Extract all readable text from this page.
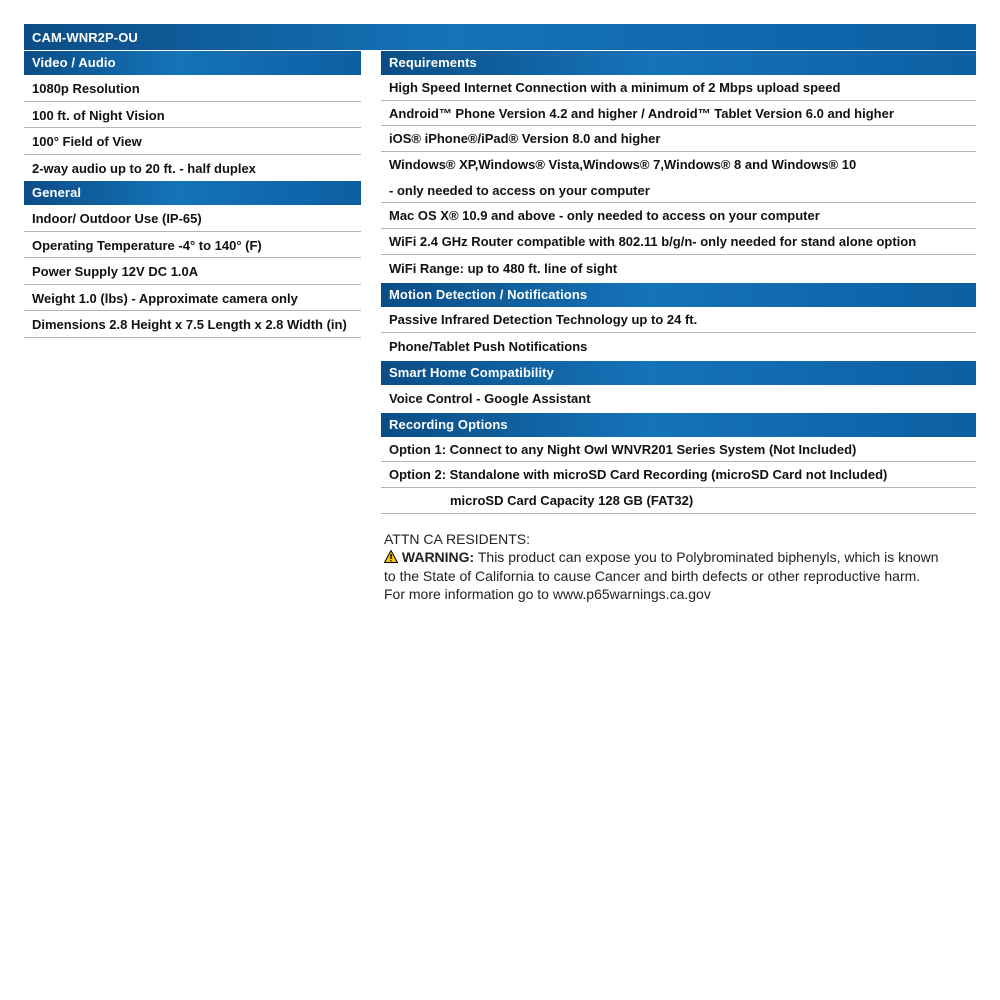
CAM-WNR2P-OU
Video / Audio
1080p Resolution
100 ft. of Night Vision
100° Field of View
2-way audio up to 20 ft. - half duplex
General
Indoor/ Outdoor Use (IP-65)
Operating Temperature -4° to 140° (F)
Power Supply 12V DC 1.0A
Weight 1.0 (lbs) - Approximate camera only
Dimensions 2.8 Height x 7.5 Length x 2.8 Width (in)
Requirements
High Speed Internet Connection with a minimum of 2 Mbps upload speed
Android™ Phone Version 4.2 and higher / Android™ Tablet Version 6.0 and higher
iOS® iPhone®/iPad® Version 8.0 and higher
Windows® XP,Windows® Vista,Windows® 7,Windows® 8 and Windows® 10
- only needed to access on your computer
Mac OS X® 10.9 and above - only needed to access on your computer
WiFi 2.4 GHz Router compatible with 802.11 b/g/n- only needed for stand alone option
WiFi Range: up to 480 ft. line of sight
Motion Detection / Notifications
Passive Infrared Detection Technology up to 24 ft.
Phone/Tablet Push Notifications
Smart Home Compatibility
Voice Control - Google Assistant
Recording Options
Option 1: Connect to any Night Owl WNVR201 Series System (Not Included)
Option 2: Standalone with microSD Card Recording (microSD Card not Included)
microSD Card Capacity 128 GB (FAT32)
ATTN CA RESIDENTS:
WARNING: This product can expose you to Polybrominated biphenyls, which is known to the State of California to cause Cancer and birth defects or other reproductive harm. For more information go to www.p65warnings.ca.gov
